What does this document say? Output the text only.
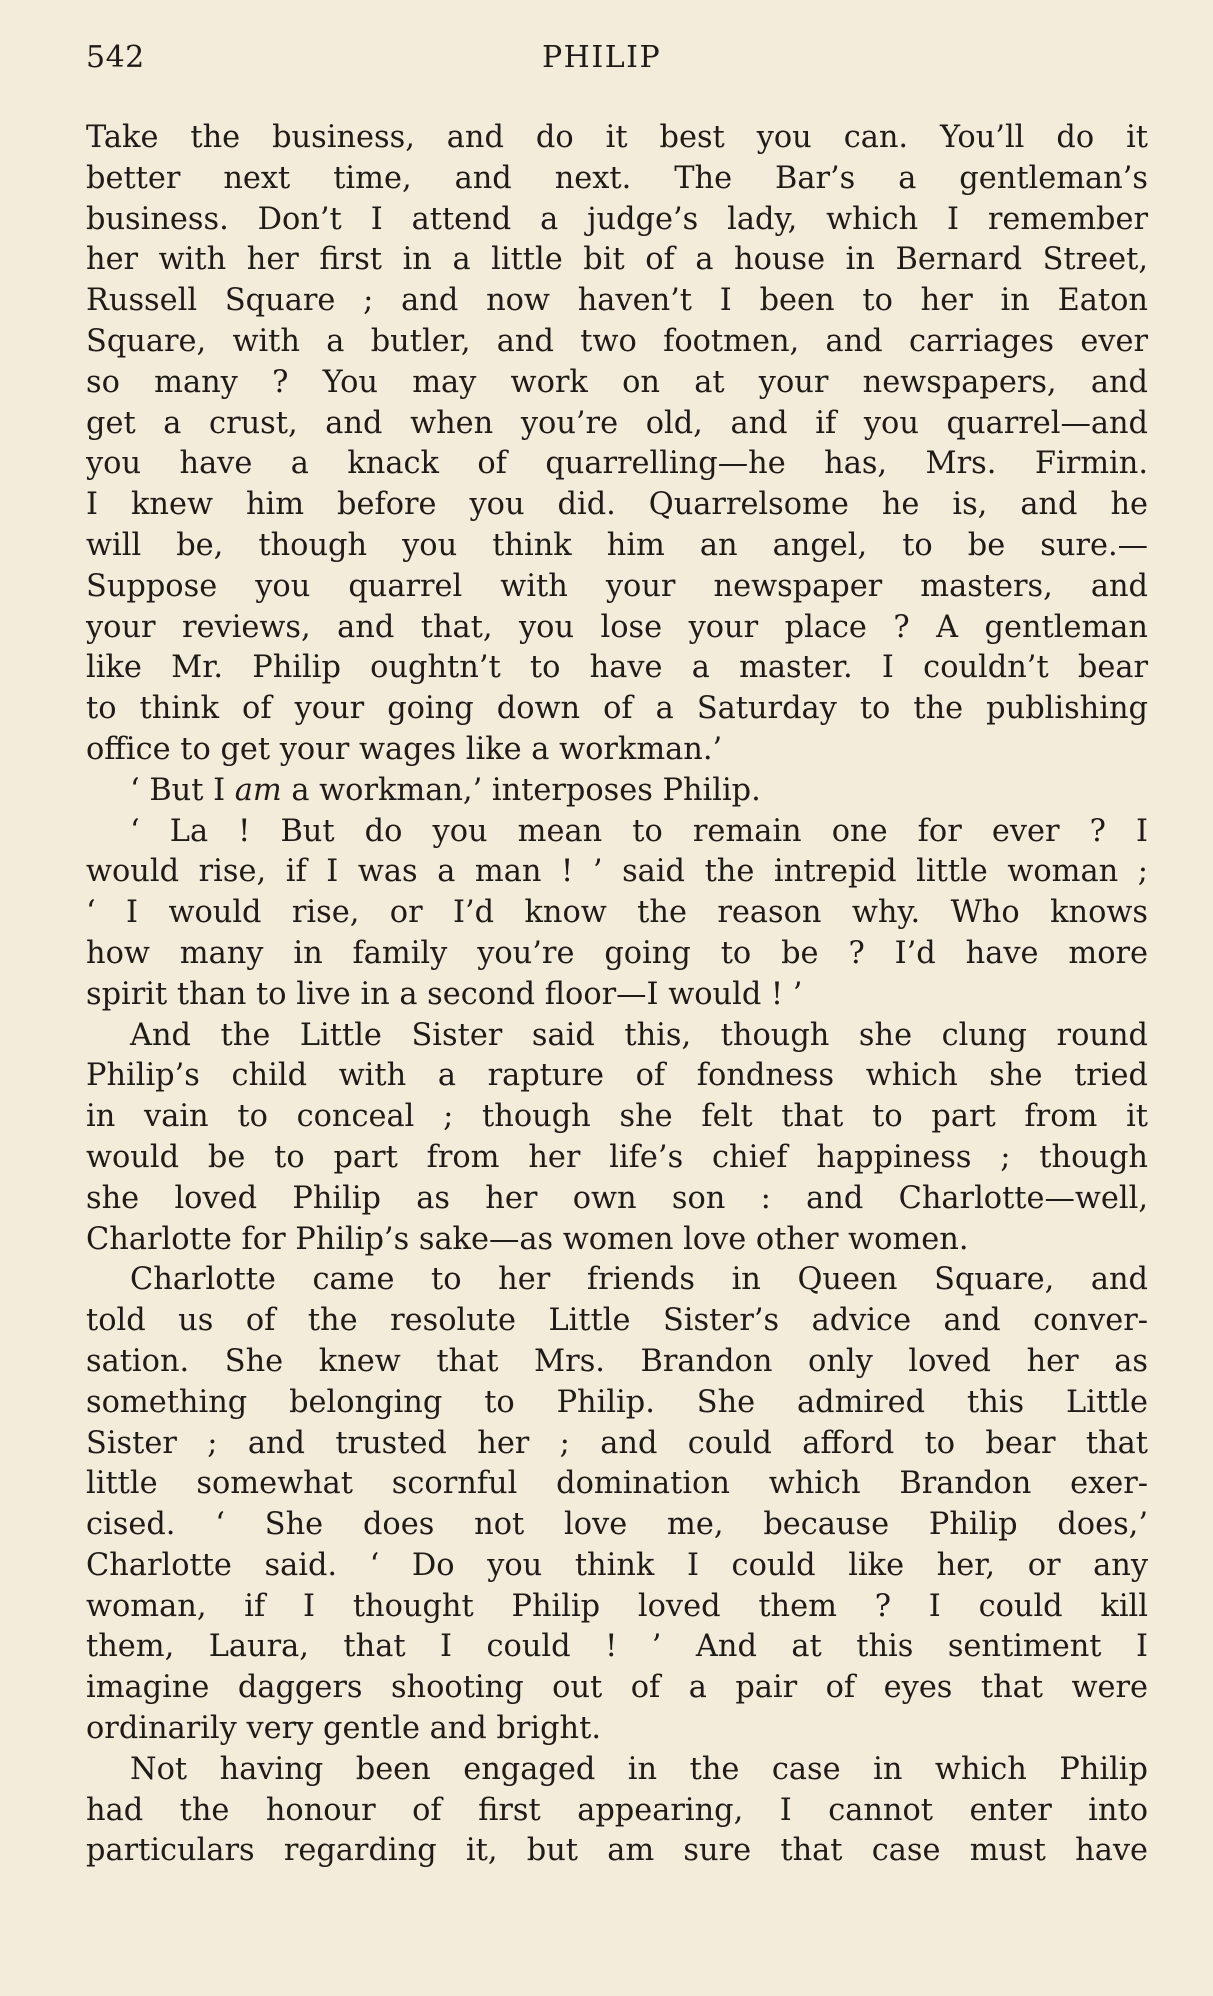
542	PHILIP
Take the business, and do it best you can. You’ll do it
better next time, and next. The Bar’s a gentleman’s
business. Don’t I attend a judge’s lady, which I remember
her with her first in a little bit of a house in Bernard Street,
Russell Square ; and now haven’t I been to her in Eaton
Square, with a butler, and two footmen, and carriages ever
so many ? You may work on at your newspapers, and
get a crust, and when you’re old, and if you quarrel—and
you have a knack of quarrelling—he has, Mrs. Firmin.
I knew him before you did. Quarrelsome he is, and he
will be, though you think him an angel, to be sure.—
Suppose you quarrel with your newspaper masters, and
your reviews, and that, you lose your place ? A gentleman
like Mr. Philip oughtn’t to have a master. I couldn’t bear
to think of your going down of a Saturday to the publishing
office to get your wages like a workman.’
‘ But I am a workman,’ interposes Philip.
‘ La ! But do you mean to remain one for ever ? I
would rise, if I was a man ! ’ said the intrepid little woman ;
‘ I would rise, or I’d know the reason why. Who knows
how many in family you’re going to be ? I’d have more
spirit than to live in a second floor—I would ! ’
And the Little Sister said this, though she clung round
Philip’s child with a rapture of fondness which she tried
in vain to conceal ; though she felt that to part from it
would be to part from her life’s chief happiness ; though
she loved Philip as her own son : and Charlotte—well,
Charlotte for Philip’s sake—as women love other women.
Charlotte came to her friends in Queen Square, and
told us of the resolute Little Sister’s advice and conver-
sation. She knew that Mrs. Brandon only loved her as
something belonging to Philip. She admired this Little
Sister ; and trusted her ; and could afford to bear that
little somewhat scornful domination which Brandon exer-
cised. ‘ She does not love me, because Philip does,’
Charlotte said. ‘ Do you think I could like her, or any
woman, if I thought Philip loved them ? I could kill
them, Laura, that I could ! ’ And at this sentiment I
imagine daggers shooting out of a pair of eyes that were
ordinarily very gentle and bright.
Not having been engaged in the case in which Philip
had the honour of first appearing, I cannot enter into
particulars regarding it, but am sure that case must have
